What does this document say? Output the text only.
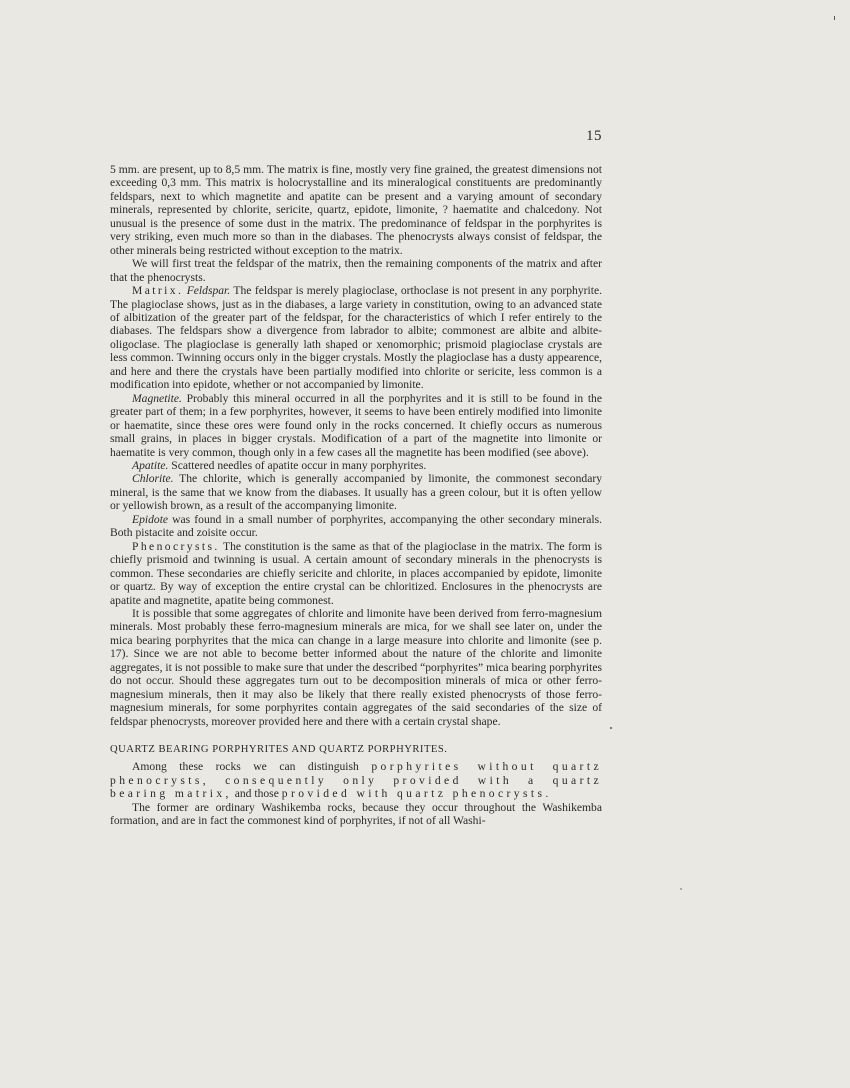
15

5 mm. are present, up to 8,5 mm. The matrix is fine, mostly very fine grained, the greatest dimensions not exceeding 0,3 mm. This matrix is holocrystalline and its mineralogical constituents are predominantly feldspars, next to which magnetite and apatite can be present and a varying amount of secondary minerals, represented by chlorite, sericite, quartz, epidote, limonite, ? haematite and chalcedony. Not unusual is the presence of some dust in the matrix. The predominance of feldspar in the porphyrites is very striking, even much more so than in the diabases. The phenocrysts always consist of feldspar, the other minerals being restricted without exception to the matrix.

We will first treat the feldspar of the matrix, then the remaining components of the matrix and after that the phenocrysts.

Matrix. Feldspar. The feldspar is merely plagioclase, orthoclase is not present in any porphyrite. The plagioclase shows, just as in the diabases, a large variety in constitution, owing to an advanced state of albitization of the greater part of the feldspar, for the characteristics of which I refer entirely to the diabases. The feldspars show a divergence from labrador to albite; commonest are albite and albite-oligoclase. The plagioclase is generally lath shaped or xenomorphic; prismoid plagioclase crystals are less common. Twinning occurs only in the bigger crystals. Mostly the plagioclase has a dusty appearence, and here and there the crystals have been partially modified into chlorite or sericite, less common is a modification into epidote, whether or not accompanied by limonite.

Magnetite. Probably this mineral occurred in all the porphyrites and it is still to be found in the greater part of them; in a few porphyrites, however, it seems to have been entirely modified into limonite or haematite, since these ores were found only in the rocks concerned. It chiefly occurs as numerous small grains, in places in bigger crystals. Modification of a part of the magnetite into limonite or haematite is very common, though only in a few cases all the magnetite has been modified (see above).

Apatite. Scattered needles of apatite occur in many porphyrites.

Chlorite. The chlorite, which is generally accompanied by limonite, the commonest secondary mineral, is the same that we know from the diabases. It usually has a green colour, but it is often yellow or yellowish brown, as a result of the accompanying limonite.

Epidote was found in a small number of porphyrites, accompanying the other secondary minerals. Both pistacite and zoisite occur.

Phenocrysts. The constitution is the same as that of the plagioclase in the matrix. The form is chiefly prismoid and twinning is usual. A certain amount of secondary minerals in the phenocrysts is common. These secondaries are chiefly sericite and chlorite, in places accompanied by epidote, limonite or quartz. By way of exception the entire crystal can be chloritized. Enclosures in the phenocrysts are apatite and magnetite, apatite being commonest.

It is possible that some aggregates of chlorite and limonite have been derived from ferro-magnesium minerals. Most probably these ferro-magnesium minerals are mica, for we shall see later on, under the mica bearing porphyrites that the mica can change in a large measure into chlorite and limonite (see p. 17). Since we are not able to become better informed about the nature of the chlorite and limonite aggregates, it is not possible to make sure that under the described “porphyrites” mica bearing porphyrites do not occur. Should these aggregates turn out to be decomposition minerals of mica or other ferro-magnesium minerals, then it may also be likely that there really existed phenocrysts of those ferro-magnesium minerals, for some porphyrites contain aggregates of the said secondaries of the size of feldspar phenocrysts, moreover provided here and there with a certain crystal shape.

QUARTZ BEARING PORPHYRITES AND QUARTZ PORPHYRITES.

Among these rocks we can distinguish porphyrites without quartz phenocrysts, consequently only provided with a quartz bearing matrix, and those provided with quartz phenocrysts.

The former are ordinary Washikemba rocks, because they occur throughout the Washikemba formation, and are in fact the commonest kind of porphyrites, if not of all Washi-
